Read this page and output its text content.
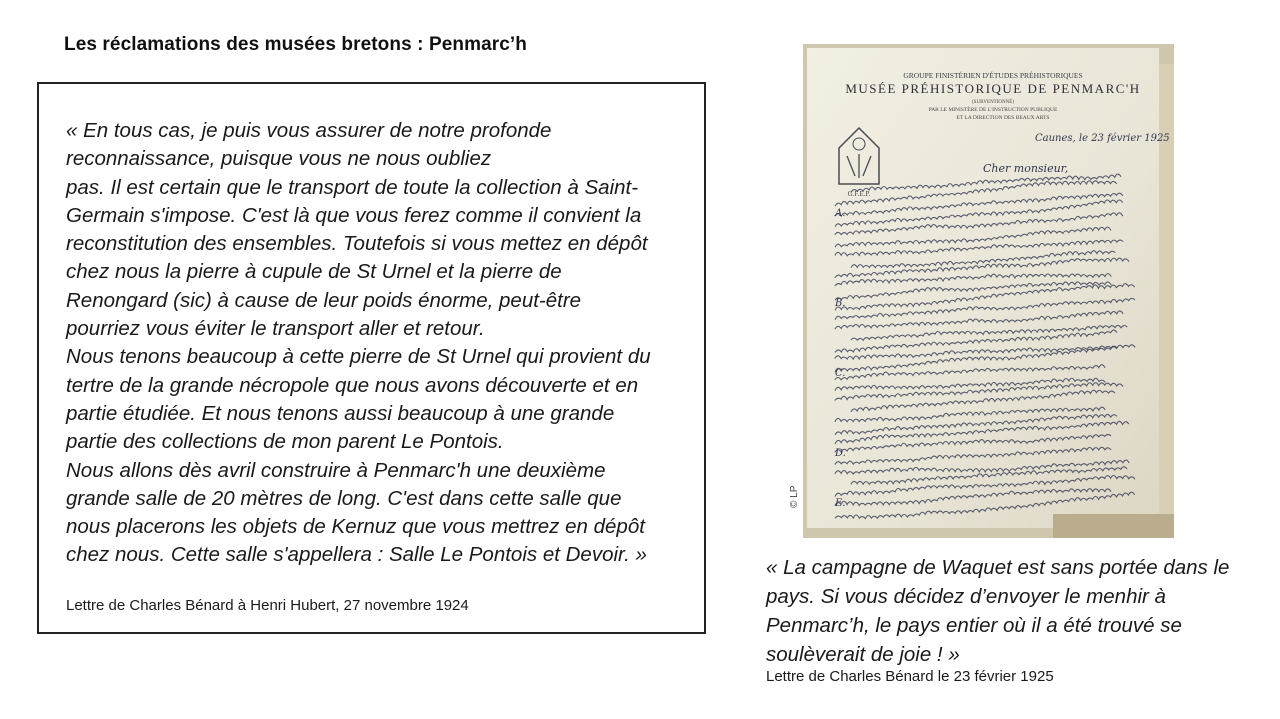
Les réclamations des musées bretons : Penmarc’h

« En tous cas, je puis vous assurer de notre profonde
reconnaissance, puisque vous ne nous oubliez
pas. Il est certain que le transport de toute la collection à Saint-
Germain s'impose. C'est là que vous ferez comme il convient la
reconstitution des ensembles. Toutefois si vous mettez en dépôt
chez nous la pierre à cupule de St Urnel et la pierre de
Renongard (sic) à cause de leur poids énorme, peut-être
pourriez vous éviter le transport aller et retour.
Nous tenons beaucoup à cette pierre de St Urnel qui provient du
tertre de la grande nécropole que nous avons découverte et en
partie étudiée. Et nous tenons aussi beaucoup à une grande
partie des collections de mon parent Le Pontois.
Nous allons dès avril construire à Penmarc'h une deuxième
grande salle de 20 mètres de long. C'est dans cette salle que
nous placerons les objets de Kernuz que vous mettrez en dépôt
chez nous. Cette salle s'appellera : Salle Le Pontois et Devoir. »

Lettre de Charles Bénard à Henri Hubert, 27 novembre 1924

GROUPE FINISTÉRIEN D'ÉTUDES PRÉHISTORIQUES
MUSÉE PRÉHISTORIQUE DE PENMARC'H
(SUBVENTIONNÉ)
PAR LE MINISTÈRE DE L'INSTRUCTION PUBLIQUE
ET LA DIRECTION DES BEAUX ARTS
G.F.E.P.
Caunes, le 23 février 1925
Cher monsieur,
A.
B.
C.
D.
E.
© LP

« La campagne de Waquet est sans portée dans le pays. Si vous décidez d’envoyer le menhir à Penmarc’h, le pays entier où il a été trouvé se soulèverait de joie ! »

Lettre de Charles Bénard le 23 février 1925
